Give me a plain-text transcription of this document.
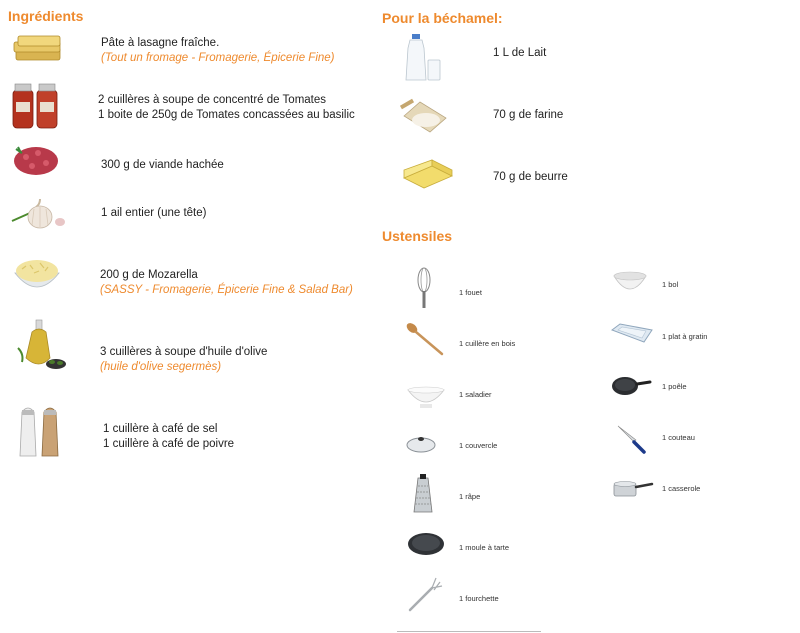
Ingrédients
Pâte à lasagne fraîche.
(Tout un fromage - Fromagerie, Épicerie Fine)
2 cuillères à soupe de concentré de Tomates
1 boite de 250g de Tomates concassées au basilic
300 g de viande hachée
1 ail entier (une tête)
200 g de Mozarella
(SASSY - Fromagerie, Épicerie Fine & Salad Bar)
3 cuillères à soupe d'huile d'olive
(huile d'olive segermès)
1 cuillère à café de sel
1 cuillère à café de poivre
Pour la béchamel:
1 L de Lait
70 g de farine
70 g de beurre
Ustensiles
1 fouet
1 cuillère en bois
1 saladier
1 couvercle
1 râpe
1 moule à tarte
1 fourchette
1 bol
1 plat à gratin
1 poêle
1 couteau
1 casserole
